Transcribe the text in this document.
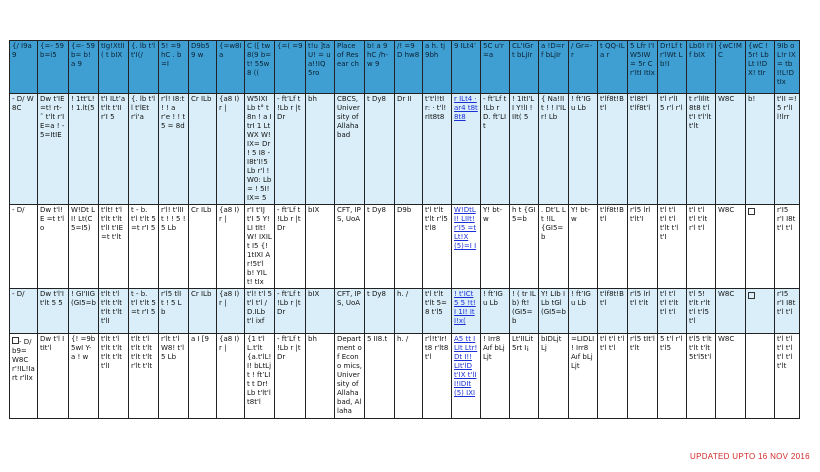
{/ I9a 9	{=- 59 b=i5	{=- 59 b= b! a 9	tIg!XtlI( t bIX	{. lb t'l t'I(/	5! =9 hC . b=I	D9b59 w	{=w8I a	C ([ tw8(9 b= t! 55w8 ((	{=( =9	t!u ]ta U! = ua!!IQ 5ro	Place of Resear ch	b! a 9 hC /h- w 9	/! =9D hw8	a h. tj 9bh	9 ILt4’	5C u'r=a	CL'IGr t bLjIr	a !D=r f bLjIr	/ Gr=- r	t QQ-ILa r	5 Lfr I'I W5IW= 5r C r'ItI ItIx	Dr!Lf t r'lWt Lb!I	Lb0! I'I f bIX	{wC!M C	{wC !5r! Lb Lt I!DX! tIr	9Ib oL!r IX= tbI!L!D tIx
- D/ W8C	Dw t'IE=t! rt- ˜ t'lt r'IE=a ! - 5=ItIE	! 1tt'L! ! 1.lt(5	t'I ILt’a t'lt t'II r'I 5	{. lb t'll t'lEt r'i'a	r'l! I8:t ! ! a r'e ! ! t 5 = 8d	Cr ILb	{a8 I)r |	W5IXI Lb t° t 8n ! a ItrI 1 LtWX W! IX= Dr ! 5 I8 - I8t’I!5 Lb r'l ! W0: Lb= ! 5I! IX= 5	- ft’Lf t !Lb r |t Dr	bh	CBCS, Univer sity of Allaha bad	t Dy8	Dr II	t’t'l!tIr: · t'l!rIt8t8	r ILt4 · ar4 t8t8t8	- ft’Lf t !Lb r D. ft’LIt	! 1ItI'LI Y!lI ! IIt( 5	{ Na!IIt ! ! I'ILr! Lb	! ft’IGu Lb	t'lf8t!Bt'l	t'l8t'l t'lf8t'l	t'l r'lI 5 r'l r'l	t r'lIlIt8t8 t'lt'I t'l'lt t'lt	W8C	b!	t'II =! 5 r'lIl!lrr
- D/	Dw t'l!E =t t'lo	W!Dt LI! Lt(C5=I5)	t'lt! t'l t'lt t'lt t'lI t'IE =t t'lt	t - b. t'l t'lt 5=t r'I 5	r'l! t'lIIt ! ! 5 ! 5 Lb	Cr ILb	{a8 I)r |	r'I t'IJ t'I 5 Y!LI tIt! W! IXILt I5 {! 1tIXI Ar!5t'l b! YILt! tIx	- ft’Lf t !Lb r |t Dr	bIX	CFT, IPS, UoA	t Dy8	D9b	t'l t'lt t'lt r'l5t'l8	W!DtLI! LIIt! r'I5 =t Lt!X(5)=I I	Y! bt- w	h t {GI5=b	. Dt’L Lt !IL {GI5=b	Y! bt- w	t'lf8t!Bt'l	r'l5 lrl t'lt'I	t'l t'l t'l t'l t'lt t'lt'I	t'l t'l t'l t'lt r'l t'l	W8C		r'I5 r'I I8t t'l t'l
- D/	Dw t'l'I t'lt 5 5	! GI'IIG (GI5=b	t'lt t'l t'lt t'lt t'lt t'lt t'lI	t - b. t'l t'lt 5=t r'I 5	r'l5 tlI t ! 5 Lb	Cr ILb	{a8 I)r |	t'l! t'l 5 t'l t'l /D.ILb t'l ixf	- ft’Lf t !Lb r |t Dr	bIX	CFT, IPS, UoA	t Dy8	h. /	t'l t'lt t'lt 5=8 t'l5	! t'ICt 5 5 !t! I 1I! ItI!x(	! ft’IGu Lb	! ( tr ILb) ft! (GI5=b	Y! LIb ILb tGl (GI5=b	! ft’IGu Lb	t'lf8t!Bt'l	r'l5 lrl t'l t'lt	t'l t'l t'l t'lt t'l t'l	t'l 5! t'lt r'lt t'l t'l5t'l	W8C		r'I5 r'I I8t t'l t'l
- D/ b9= W8C r'!IL!Iart r'lIx	Dw t'l ItIt'l	{! =9b 5wI Y- a ! w	t'lt t'l t'lt t'lt t'lt t'lt t'lI	t'lt t'l t'lt t'lt t'lt t'lt r'lt t'lt	r'lt t'l W8! t'l 5 Lb	a I [9	{a8 I)r |	{1 t'l L.t'lt {a.t'lL!I! bLtLjt ! ft’LIt t Dr! Lb t'lt'lt8t'l	- ft’Lf t !Lb r |t Dr	bh	Depart ment of Econo mics, Univer sity of Allaha bad, Allaha	5 II8.t	h. /	r'l!t'Ir!t8 r'lt8t'l	A5 tt ILIt Ltr! Dt I!! LIt'lDt'IX t'lI I!IDIt(5) IXI	! Irr8 Aıf bLjLjt	Lt'IILit 5rt I¡	bIDLjt Lj	=LIDLI ! Irr8 Aıf bLjLjt	t'l t'l t'l t'l t'l	r'l5 tIt'l t'lt	5 t'l r'l t'l5	t'l5 t'lt t'lt t'lt 5t'l5t'l	W8C		t'l t'l t'l t'l t'l t'l t'lt
UPDATED UPTO 16 NOV 2016
